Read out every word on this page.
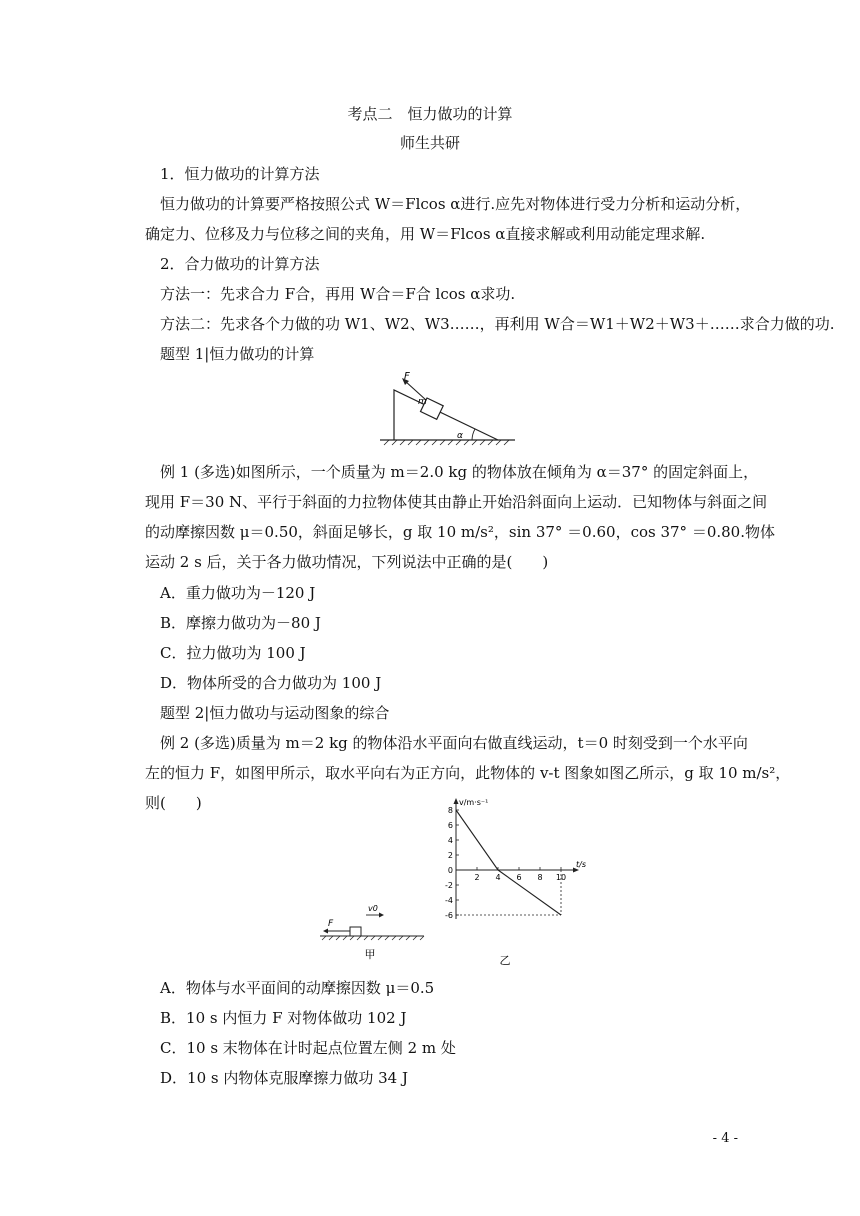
考点二　恒力做功的计算
师生共研
1．恒力做功的计算方法
恒力做功的计算要严格按照公式 W＝Flcos α进行.应先对物体进行受力分析和运动分析，
确定力、位移及力与位移之间的夹角，用 W＝Flcos α直接求解或利用动能定理求解.
2．合力做功的计算方法
方法一：先求合力 F合，再用 W合＝F合 lcos α求功.
方法二：先求各个力做的功 W1、W2、W3……，再利用 W合＝W1＋W2＋W3＋……求合力做的功.
题型 1|恒力做功的计算
F
m
α
例 1 (多选)如图所示，一个质量为 m＝2.0 kg 的物体放在倾角为 α＝37° 的固定斜面上，
现用 F＝30 N、平行于斜面的力拉物体使其由静止开始沿斜面向上运动．已知物体与斜面之间
的动摩擦因数 μ＝0.50，斜面足够长，g 取 10 m/s²，sin 37° ＝0.60，cos 37° ＝0.80.物体
运动 2 s 后，关于各力做功情况，下列说法中正确的是(　　)
A．重力做功为－120 J
B．摩擦力做功为－80 J
C．拉力做功为 100 J
D．物体所受的合力做功为 100 J
题型 2|恒力做功与运动图象的综合
例 2 (多选)质量为 m＝2 kg 的物体沿水平面向右做直线运动，t＝0 时刻受到一个水平向
左的恒力 F，如图甲所示，取水平向右为正方向，此物体的 v-t 图象如图乙所示，g 取 10 m/s²，
则(　　)
v0
F
甲
v/m·s⁻¹
t/s
8
6
4
2
0
-2
-4
-6
2 4 6 8 10
乙
A．物体与水平面间的动摩擦因数 μ＝0.5
B．10 s 内恒力 F 对物体做功 102 J
C．10 s 末物体在计时起点位置左侧 2 m 处
D．10 s 内物体克服摩擦力做功 34 J
- 4 -
